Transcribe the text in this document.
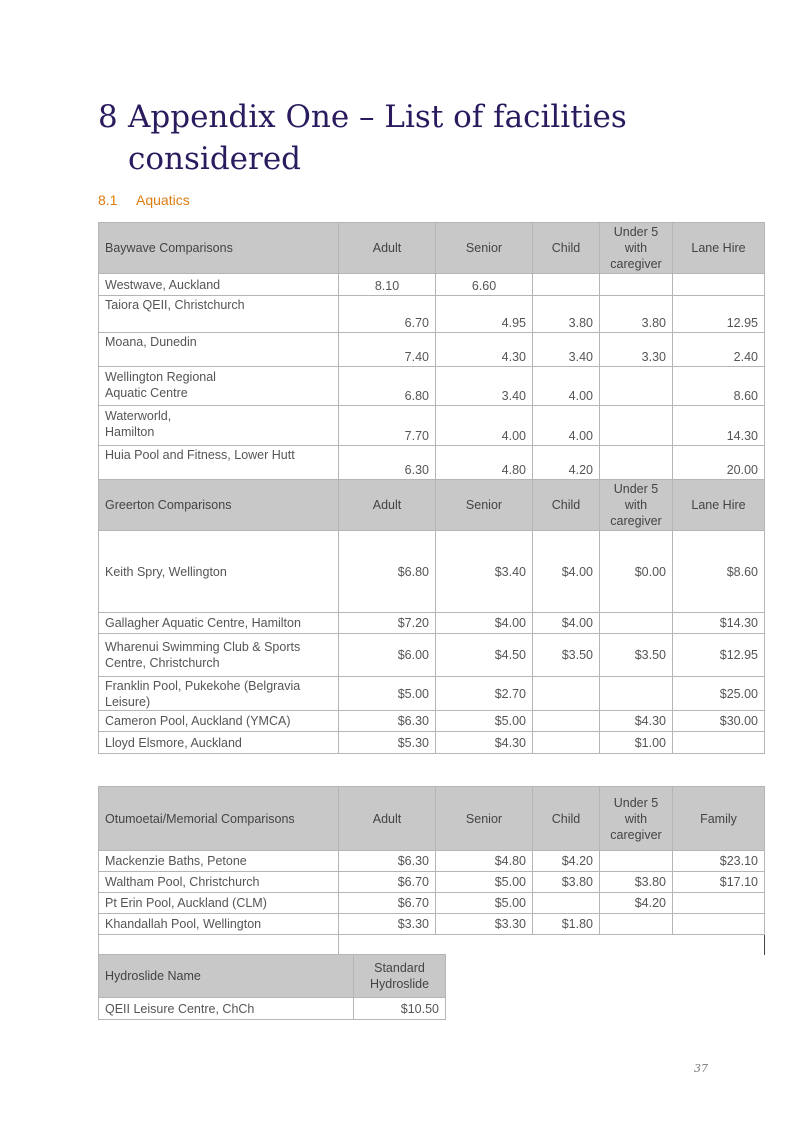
8 Appendix One – List of facilities considered
8.1 Aquatics
Baywave Comparisons	Adult	Senior	Child	Under 5 with caregiver	Lane Hire
Westwave, Auckland	8.10	6.60			
Taiora QEII, Christchurch	6.70	4.95	3.80	3.80	12.95
Moana, Dunedin	7.40	4.30	3.40	3.30	2.40
Wellington Regional Aquatic Centre	6.80	3.40	4.00		8.60
Waterworld, Hamilton	7.70	4.00	4.00		14.30
Huia Pool and Fitness, Lower Hutt	6.30	4.80	4.20		20.00
Greerton Comparisons	Adult	Senior	Child	Under 5 with caregiver	Lane Hire
Keith Spry, Wellington	$6.80	$3.40	$4.00	$0.00	$8.60
Gallagher Aquatic Centre, Hamilton	$7.20	$4.00	$4.00		$14.30
Wharenui Swimming Club & Sports Centre, Christchurch	$6.00	$4.50	$3.50	$3.50	$12.95
Franklin Pool, Pukekohe (Belgravia Leisure)	$5.00	$2.70			$25.00
Cameron Pool, Auckland (YMCA)	$6.30	$5.00		$4.30	$30.00
Lloyd Elsmore, Auckland	$5.30	$4.30		$1.00	
Otumoetai/Memorial Comparisons	Adult	Senior	Child	Under 5 with caregiver	Family
Mackenzie Baths, Petone	$6.30	$4.80	$4.20		$23.10
Waltham Pool, Christchurch	$6.70	$5.00	$3.80	$3.80	$17.10
Pt Erin Pool, Auckland (CLM)	$6.70	$5.00		$4.20	
Khandallah Pool, Wellington	$3.30	$3.30	$1.80		

Hydroslide Name	Standard Hydroslide
QEII Leisure Centre, ChCh	$10.50
37
